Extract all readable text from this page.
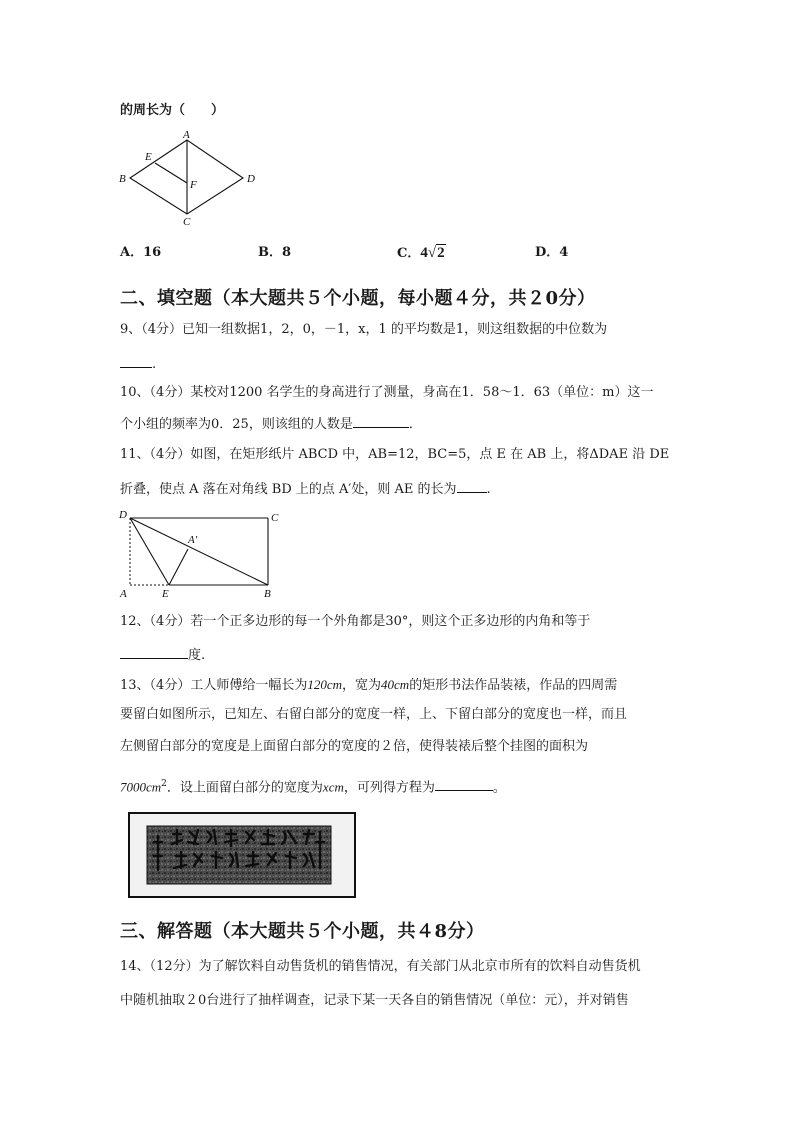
的周长为（　　）
A
B
C
D
E
F
A．16	B．8	C．4√2	D．4
二、填空题（本大题共５个小题，每小题４分，共２0分）
9、（4分）已知一组数据1，2，0，－1，x，1 的平均数是1，则这组数据的中位数为
.
10、（4分）某校对1200 名学生的身高进行了测量，身高在1．58～1．63（单位：m）这一
个小组的频率为0．25，则该组的人数是	．
11、（4分）如图，在矩形纸片 ABCD 中，AB=12，BC=5，点 E 在 AB 上，将ΔDAE 沿 DE
折叠，使点 A 落在对角线 BD 上的点 A′处，则 AE 的长为 .
D	C
A	E	B
A′
12、（4分）若一个正多边形的每一个外角都是30°，则这个正多边形的内角和等于
度.
13、（4分）工人师傅给一幅长为120cm，宽为40cm的矩形书法作品装裱，作品的四周需
要留白如图所示，已知左、右留白部分的宽度一样，上、下留白部分的宽度也一样，而且
左侧留白部分的宽度是上面留白部分的宽度的２倍，使得装裱后整个挂图的面积为
$7000cm^2$．设上面留白部分的宽度为xcm，可列得方程为	。
三、解答题（本大题共５个小题，共４8分）
14、（12分）为了解饮料自动售货机的销售情况，有关部门从北京市所有的饮料自动售货机
中随机抽取２0台进行了抽样调查，记录下某一天各自的销售情况（单位：元），并对销售
